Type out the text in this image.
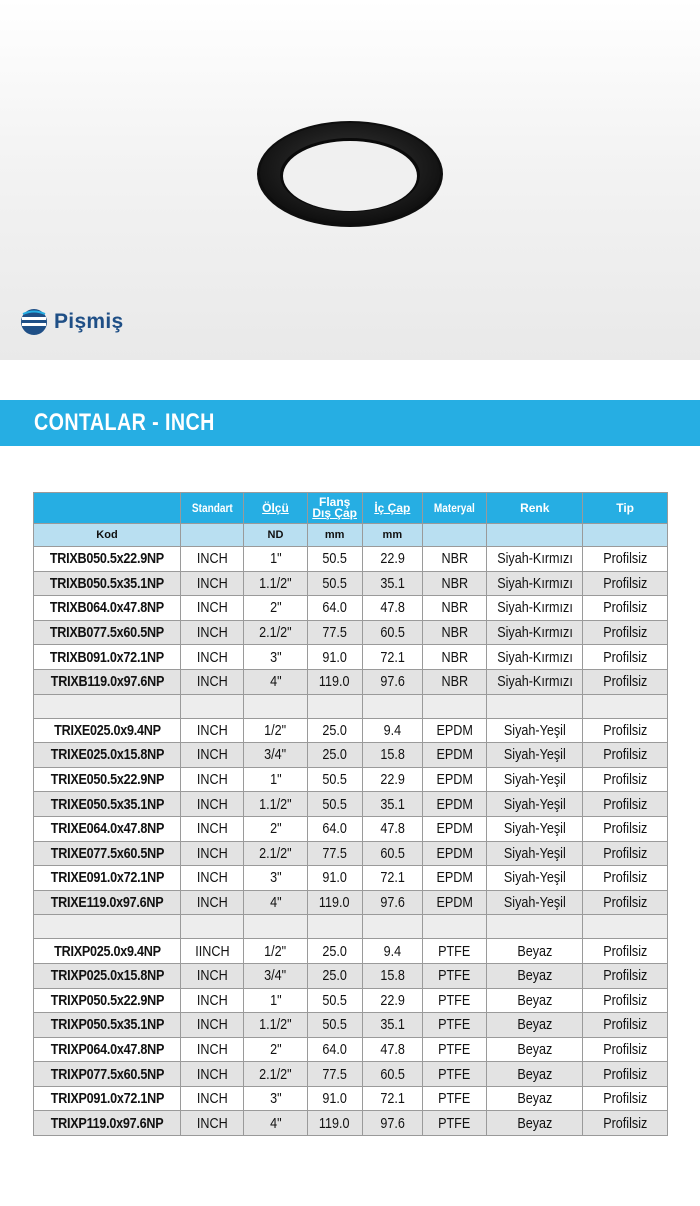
Pişmiş
CONTALAR - INCH
	Standart	Ölçü	Flanş
Dış Çap	İç Çap	Materyal	Renk	Tip
Kod		ND	mm	mm			
TRIXB050.5x22.9NP	INCH	1"	50.5	22.9	NBR	Siyah-Kırmızı	Profilsiz
TRIXB050.5x35.1NP	INCH	1.1/2"	50.5	35.1	NBR	Siyah-Kırmızı	Profilsiz
TRIXB064.0x47.8NP	INCH	2"	64.0	47.8	NBR	Siyah-Kırmızı	Profilsiz
TRIXB077.5x60.5NP	INCH	2.1/2"	77.5	60.5	NBR	Siyah-Kırmızı	Profilsiz
TRIXB091.0x72.1NP	INCH	3"	91.0	72.1	NBR	Siyah-Kırmızı	Profilsiz
TRIXB119.0x97.6NP	INCH	4"	119.0	97.6	NBR	Siyah-Kırmızı	Profilsiz

TRIXE025.0x9.4NP	INCH	1/2"	25.0	9.4	EPDM	Siyah-Yeşil	Profilsiz
TRIXE025.0x15.8NP	INCH	3/4"	25.0	15.8	EPDM	Siyah-Yeşil	Profilsiz
TRIXE050.5x22.9NP	INCH	1"	50.5	22.9	EPDM	Siyah-Yeşil	Profilsiz
TRIXE050.5x35.1NP	INCH	1.1/2"	50.5	35.1	EPDM	Siyah-Yeşil	Profilsiz
TRIXE064.0x47.8NP	INCH	2"	64.0	47.8	EPDM	Siyah-Yeşil	Profilsiz
TRIXE077.5x60.5NP	INCH	2.1/2"	77.5	60.5	EPDM	Siyah-Yeşil	Profilsiz
TRIXE091.0x72.1NP	INCH	3"	91.0	72.1	EPDM	Siyah-Yeşil	Profilsiz
TRIXE119.0x97.6NP	INCH	4"	119.0	97.6	EPDM	Siyah-Yeşil	Profilsiz

TRIXP025.0x9.4NP	IINCH	1/2"	25.0	9.4	PTFE	Beyaz	Profilsiz
TRIXP025.0x15.8NP	INCH	3/4"	25.0	15.8	PTFE	Beyaz	Profilsiz
TRIXP050.5x22.9NP	INCH	1"	50.5	22.9	PTFE	Beyaz	Profilsiz
TRIXP050.5x35.1NP	INCH	1.1/2"	50.5	35.1	PTFE	Beyaz	Profilsiz
TRIXP064.0x47.8NP	INCH	2"	64.0	47.8	PTFE	Beyaz	Profilsiz
TRIXP077.5x60.5NP	INCH	2.1/2"	77.5	60.5	PTFE	Beyaz	Profilsiz
TRIXP091.0x72.1NP	INCH	3"	91.0	72.1	PTFE	Beyaz	Profilsiz
TRIXP119.0x97.6NP	INCH	4"	119.0	97.6	PTFE	Beyaz	Profilsiz
